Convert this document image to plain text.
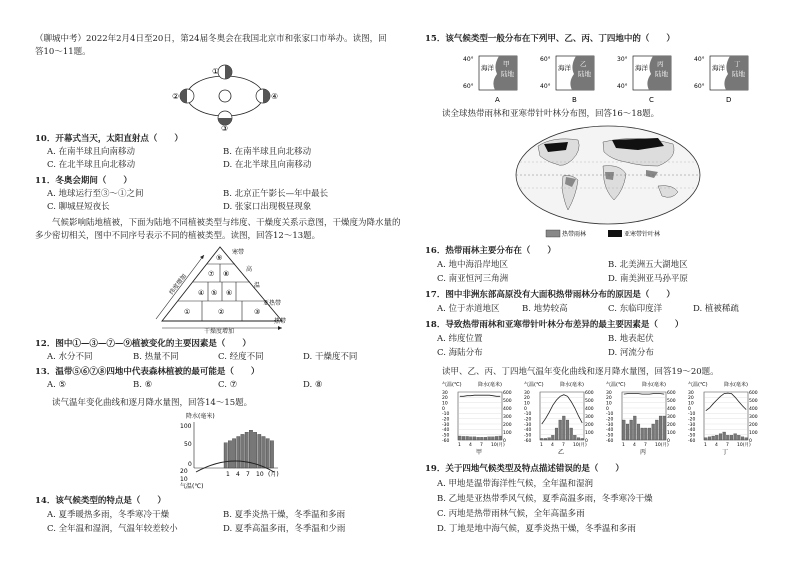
（聊城中考）2022年2月4日至20日，第24届冬奥会在我国北京市和张家口市举办。读图，回
答10～11题。
①
②
③
④
10．开幕式当天，太阳直射点（　　）
A. 在南半球且向南移动	B. 在南半球且向北移动
C. 在北半球且向北移动	D. 在北半球且向南移动
11．冬奥会期间（　　）
A. 地球运行至③～①之间	B. 北京正午影长—年中最长
C. 聊城昼短夜长	D. 张家口出现极昼现象
　　气候影响陆地植被，下面为陆地不同植被类型与纬度、干燥度关系示意图，干燥度为降水量的
多少密切相关，图中不同序号表示不同的植被类型。读图，回答12～13题。
⑨
⑦ ⑧
④ ⑤ ⑥
①	②	③
寒带
高
温
亚热带
热带
纬度增加
干燥度增加
12．图中①—③—⑦—⑨植被变化的主要因素是（　　）
A. 水分不同	B. 热量不同	C. 经度不同	D. 干燥度不同
13．温带⑤⑥⑦⑧四地中代表森林植被的最可能是（　　）
A. ⑤	B. ⑥	C. ⑦	D. ⑧
　　读气温年变化曲线和逐月降水量图，回答14～15题。
降水(毫米)
100
50
0
20
10
1 4 7 10 (月)
气温(℃)
14．该气候类型的特点是（　　）
A. 夏季暖热多雨，冬季寒冷干燥	B. 夏季炎热干燥，冬季温和多雨
C. 全年温和湿润，气温年较差较小	D. 夏季高温多雨，冬季温和少雨
15．该气候类型一般分布在下列甲、乙、丙、丁四地中的（　　）
40°
60°
海洋
陆地
甲
A
60°
40°
海洋
陆地
乙
B
30°
40°
海洋
陆地
丙
C
40°
60°
海洋
陆地
丁
D
　　读全球热带雨林和亚寒带针叶林分布图，回答16～18题。
热带雨林	亚寒带针叶林
16．热带雨林主要分布在（　　）
A. 地中海沿岸地区	B. 北美洲五大湖地区
C. 南亚恒河三角洲	D. 南美洲亚马孙平原
17．图中非洲东部高原没有大面积热带雨林分布的原因是（　　）
A. 位于赤道地区	B. 地势较高	C. 东临印度洋	D. 植被稀疏
18．导致热带雨林和亚寒带针叶林分布差异的最主要因素是（　　）
A. 纬度位置	B. 地表起伏
C. 海陆分布	D. 河流分布
　　读甲、乙、丙、丁四地气温年变化曲线和逐月降水量图，回答19～20题。
气温(℃)	降水(毫米)
30
20
10
0
-10
-20
-30
-40
-50
-60
600
500
400
300
200
100
0
1 4 7 10(月)
甲
气温(℃)	降水(毫米)
30
20
10
0
-10
-20
-30
-40
-50
-60
600
500
400
300
200
100
0
1 4 7 10(月)
乙
气温(℃)	降水(毫米)
30
20
10
0
-10
-20
-30
-40
-50
-60
600
500
400
300
200
100
0
1 4 7 10(月)
丙
气温(℃)	降水(毫米)
30
20
10
0
-10
-20
-30
-40
-50
-60
600
500
400
300
200
100
0
1 4 7 10(月)
丁
19．关于四地气候类型及特点描述错误的是（　　）
A. 甲地是温带海洋性气候，全年温和湿润
B. 乙地是亚热带季风气候，夏季高温多雨，冬季寒冷干燥
C. 丙地是热带雨林气候，全年高温多雨
D. 丁地是地中海气候，夏季炎热干燥，冬季温和多雨
